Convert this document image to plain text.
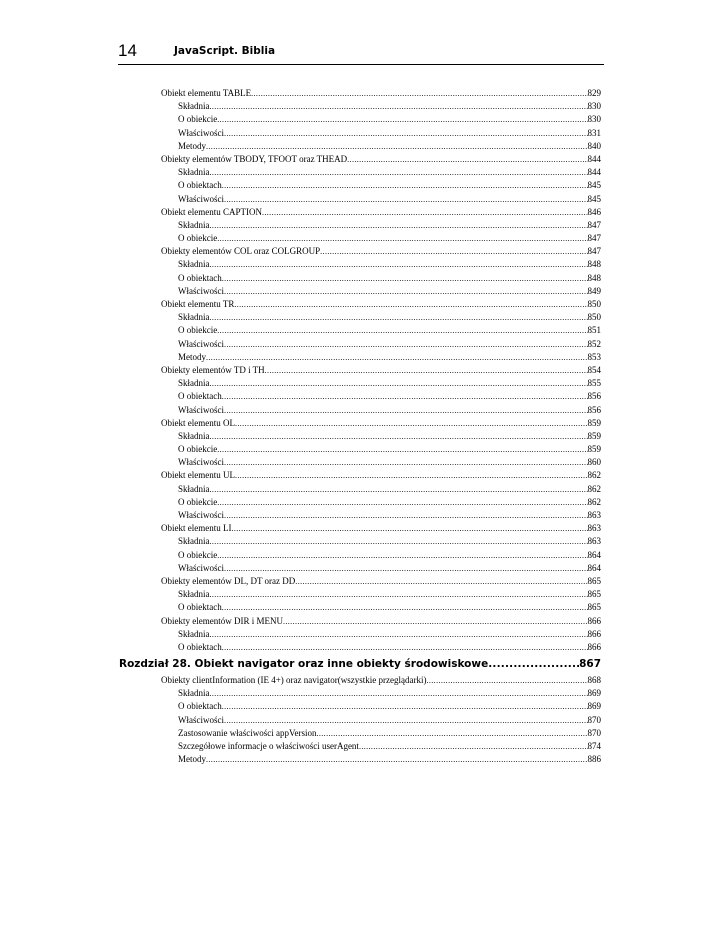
14	JavaScript. Biblia
Obiekt elementu TABLE .....	829
Składnia .....	830
O obiekcie .....	830
Właściwości .....	831
Metody .....	840
Obiekty elementów TBODY, TFOOT oraz THEAD .....	844
Składnia .....	844
O obiektach .....	845
Właściwości .....	845
Obiekt elementu CAPTION .....	846
Składnia .....	847
O obiekcie .....	847
Obiekty elementów COL oraz COLGROUP .....	847
Składnia .....	848
O obiektach .....	848
Właściwości .....	849
Obiekt elementu TR .....	850
Składnia .....	850
O obiekcie .....	851
Właściwości .....	852
Metody .....	853
Obiekty elementów TD i TH .....	854
Składnia .....	855
O obiektach .....	856
Właściwości .....	856
Obiekt elementu OL .....	859
Składnia .....	859
O obiekcie .....	859
Właściwości .....	860
Obiekt elementu UL .....	862
Składnia .....	862
O obiekcie .....	862
Właściwości .....	863
Obiekt elementu LI .....	863
Składnia .....	863
O obiekcie .....	864
Właściwości .....	864
Obiekty elementów DL, DT oraz DD .....	865
Składnia .....	865
O obiektach .....	865
Obiekty elementów DIR i MENU .....	866
Składnia .....	866
O obiektach .....	866
Rozdział 28. Obiekt navigator oraz inne obiekty środowiskowe .....	867
Obiekty clientInformation (IE 4+) oraz navigator(wszystkie przeglądarki) .....	868
Składnia .....	869
O obiektach .....	869
Właściwości .....	870
Zastosowanie właściwości appVersion .....	870
Szczegółowe informacje o właściwości userAgent .....	874
Metody .....	886
